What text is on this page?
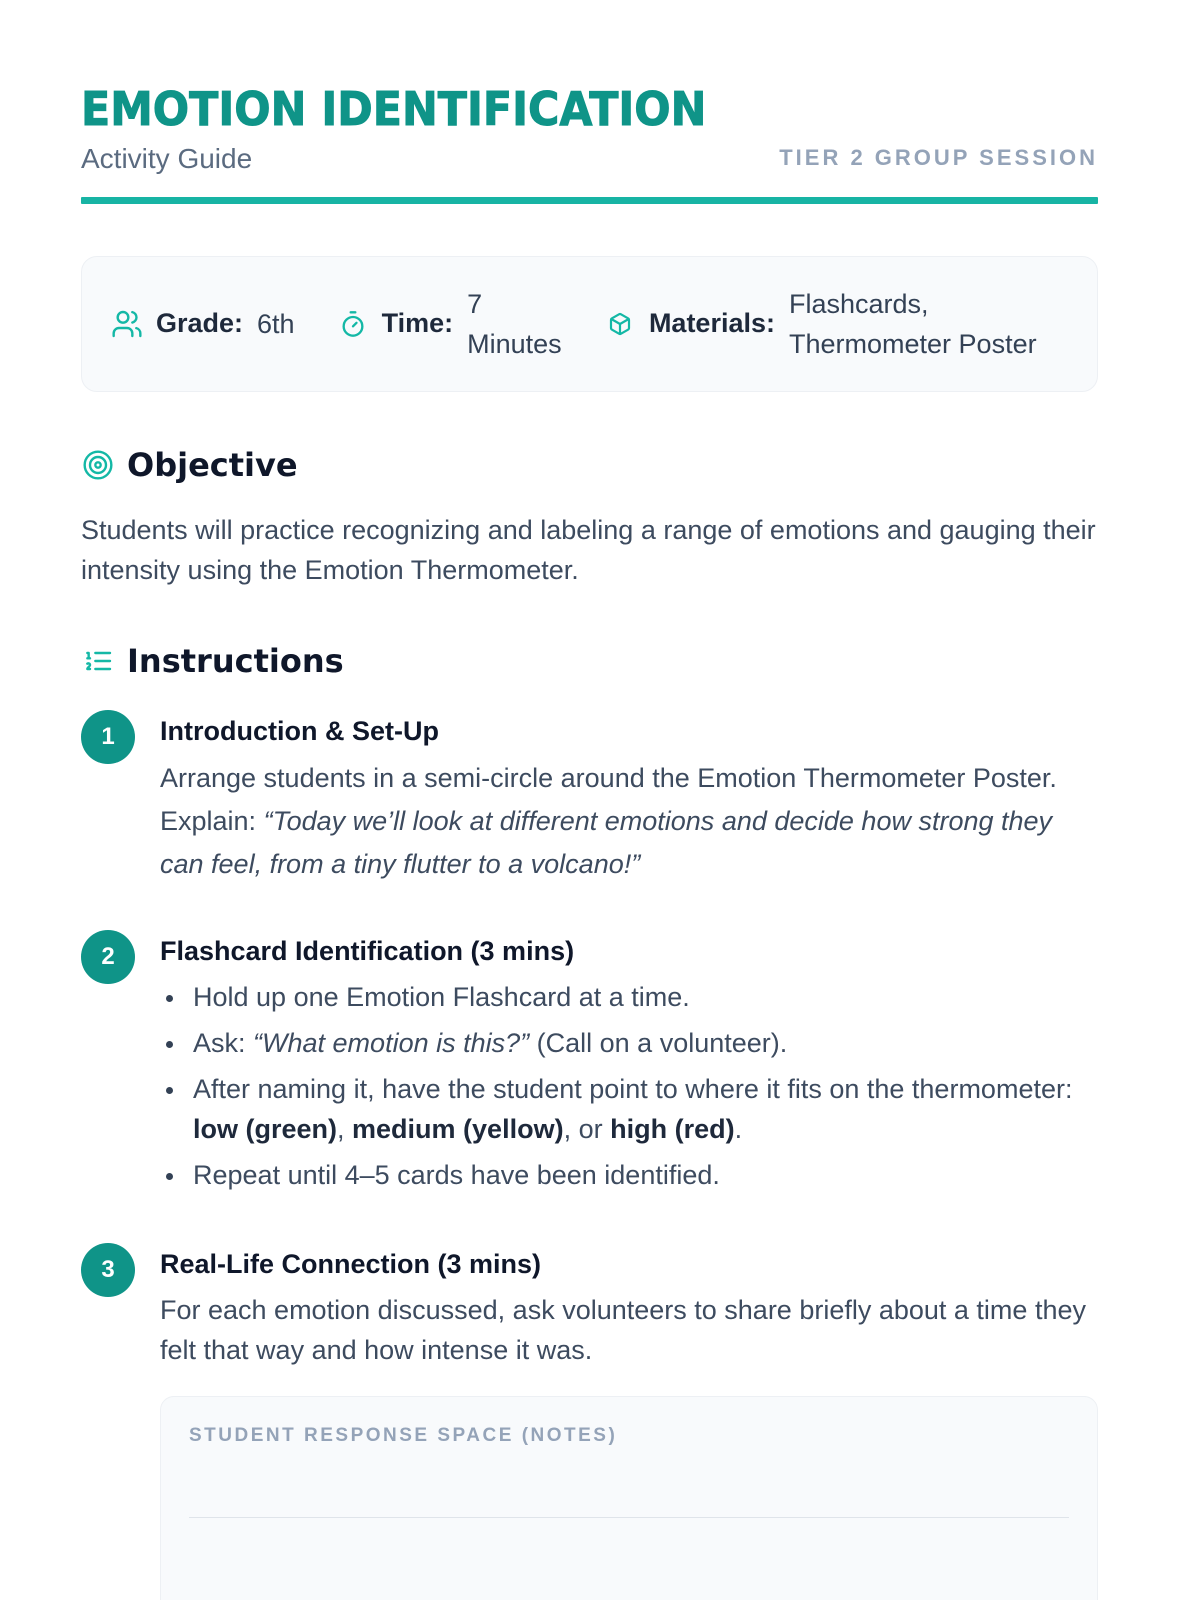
EMOTION IDENTIFICATION
Activity Guide	TIER 2 GROUP SESSION
Grade: 6th	Time:
7 Minutes
Materials:
Flashcards, Thermometer Poster
Objective

Students will practice recognizing and labeling a range of emotions and gauging their intensity using the Emotion Thermometer.

Instructions
1	Introduction & Set-Up

Arrange students in a semi-circle around the Emotion Thermometer Poster. Explain: “Today we’ll look at different emotions and decide how strong they can feel, from a tiny flutter to a volcano!”

2	Flashcard Identification (3 mins)
Hold up one Emotion Flashcard at a time.
Ask: “What emotion is this?” (Call on a volunteer).
After naming it, have the student point to where it fits on the thermometer: low (green), medium (yellow), or high (red).
Repeat until 4–5 cards have been identified.
3	Real-Life Connection (3 mins)

For each emotion discussed, ask volunteers to share briefly about a time they felt that way and how intense it was.

STUDENT RESPONSE SPACE (NOTES)
